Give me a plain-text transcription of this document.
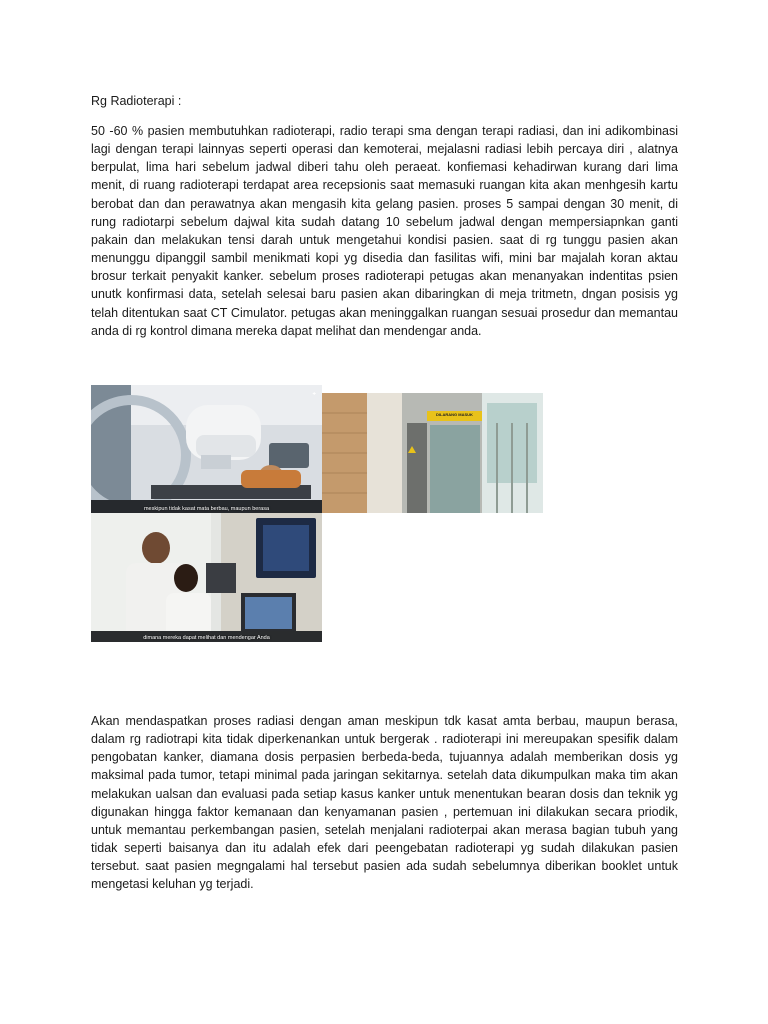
Rg Radioterapi :

50 -60 % pasien membutuhkan radioterapi, radio terapi sma dengan terapi radiasi, dan ini adikombinasi lagi dengan terapi lainnyas seperti operasi dan kemoterai, mejalasni radiasi lebih percaya diri , alatnya berpulat, lima hari sebelum jadwal diberi tahu oleh peraeat. konfiemasi kehadirwan kurang dari lima menit, di ruang radioterapi terdapat area recepsionis saat memasuki ruangan kita akan menhgesih kartu berobat dan dan perawatnya akan mengasih kita gelang pasien. proses 5 sampai dengan 30 menit, di rung radiotarpi sebelum dajwal kita sudah datang 10 sebelum jadwal dengan mempersiapnkan ganti pakain dan melakukan tensi darah untuk mengetahui kondisi pasien. saat di rg tunggu pasien akan menunggu dipanggil sambil menikmati kopi yg disedia dan fasilitas wifi, mini bar majalah koran aktau brosur terkait penyakit kanker. sebelum proses radioterapi petugas akan menanyakan indentitas psien unutk konfirmasi data, setelah selesai baru pasien akan dibaringkan di meja tritmetn, dngan posisis yg telah ditentukan saat CT Cimulator. petugas akan meninggalkan ruangan sesuai prosedur dan memantau anda di rg kontrol dimana mereka dapat melihat dan mendengar anda.

✚
meskipun tidak kasat mata berbau, maupun berasa
DILARANG MASUK
dimana mereka dapat melihat dan mendengar Anda

Akan mendaspatkan proses radiasi dengan aman meskipun tdk kasat amta berbau, maupun berasa, dalam rg radiotrapi kita tidak diperkenankan untuk bergerak . radioterapi ini mereupakan spesifik dalam pengobatan kanker, diamana dosis perpasien berbeda-beda, tujuannya adalah memberikan dosis yg maksimal pada tumor, tetapi minimal pada jaringan sekitarnya. setelah data dikumpulkan maka tim akan melakukan ualsan dan evaluasi pada setiap kasus kanker untuk menentukan bearan dosis dan teknik yg digunakan hingga faktor kemanaan dan kenyamanan pasien , pertemuan ini dilakukan secara priodik, untuk memantau perkembangan pasien, setelah menjalani radioterpai akan merasa bagian tubuh yang tidak seperti baisanya dan itu adalah efek dari peengebatan radioterapi yg sudah dilakukan pasien tersebut. saat pasien megngalami hal tersebut pasien ada sudah sebelumnya diberikan booklet untuk mengetasi keluhan yg terjadi.
